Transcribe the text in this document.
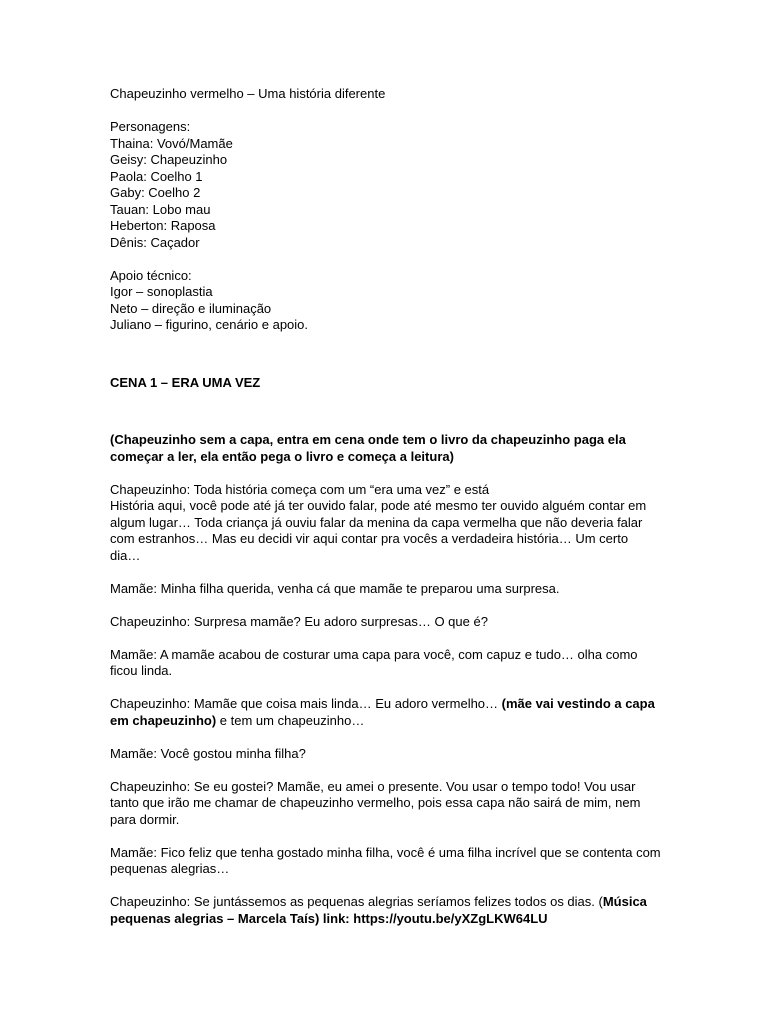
Chapeuzinho vermelho – Uma história diferente

Personagens:

Thaina: Vovó/Mamãe

Geisy: Chapeuzinho

Paola: Coelho 1

Gaby: Coelho 2

Tauan: Lobo mau

Heberton: Raposa

Dênis: Caçador

Apoio técnico:

Igor – sonoplastia

Neto – direção e iluminação

Juliano – figurino, cenário e apoio.

CENA 1 – ERA UMA VEZ

(Chapeuzinho sem a capa, entra em cena onde tem o livro da chapeuzinho paga ela começar a ler, ela então pega o livro e começa a leitura)

Chapeuzinho: Toda história começa com um “era uma vez” e está

História aqui, você pode até já ter ouvido falar, pode até mesmo ter ouvido alguém contar em algum lugar… Toda criança já ouviu falar da menina da capa vermelha que não deveria falar com estranhos… Mas eu decidi vir aqui contar pra vocês a verdadeira história… Um certo dia…

Mamãe: Minha filha querida, venha cá que mamãe te preparou uma surpresa.

Chapeuzinho: Surpresa mamãe? Eu adoro surpresas… O que é?

Mamãe: A mamãe acabou de costurar uma capa para você, com capuz e tudo… olha como ficou linda.

Chapeuzinho: Mamãe que coisa mais linda… Eu adoro vermelho… (mãe vai vestindo a capa em chapeuzinho) e tem um chapeuzinho…

Mamãe: Você gostou minha filha?

Chapeuzinho: Se eu gostei? Mamãe, eu amei o presente. Vou usar o tempo todo! Vou usar tanto que irão me chamar de chapeuzinho vermelho, pois essa capa não sairá de mim, nem para dormir.

Mamãe: Fico feliz que tenha gostado minha filha, você é uma filha incrível que se contenta com pequenas alegrias…

Chapeuzinho: Se juntássemos as pequenas alegrias seríamos felizes todos os dias. (Música pequenas alegrias – Marcela Taís) link: https://youtu.be/yXZgLKW64LU
